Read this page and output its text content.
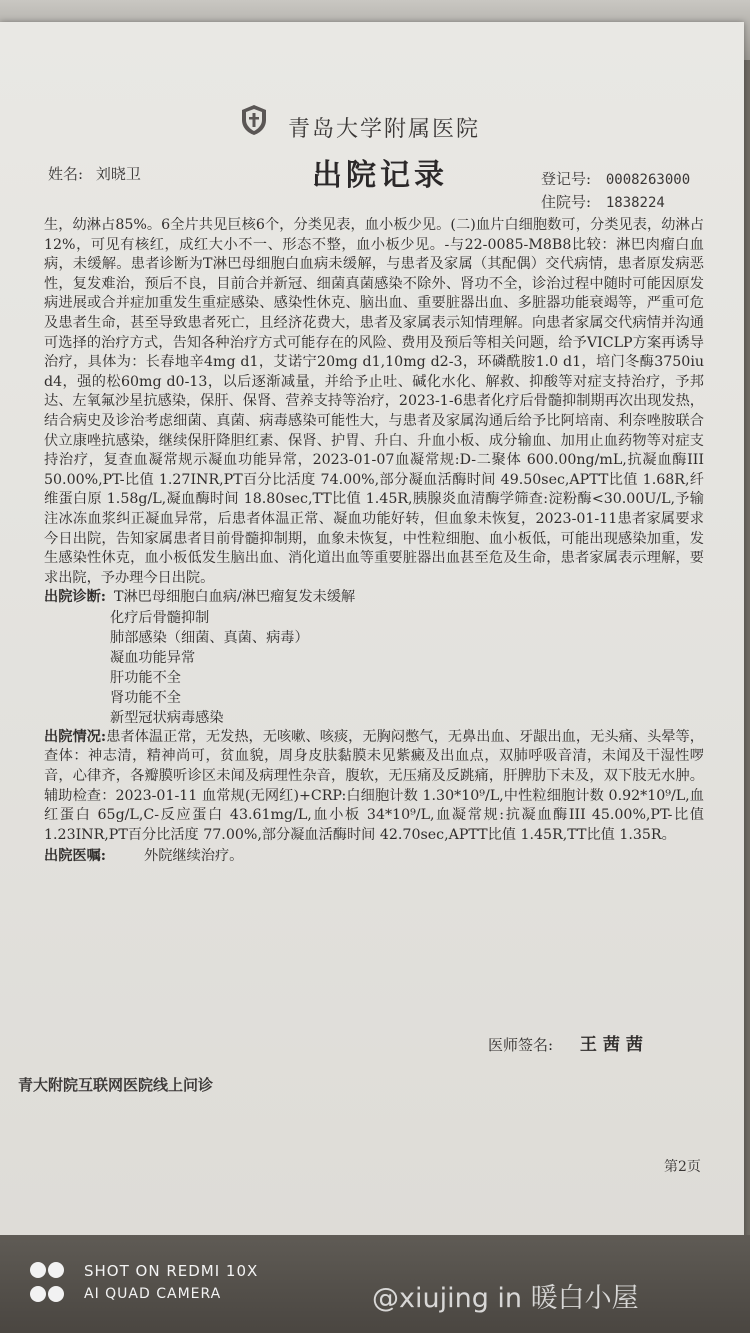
青岛大学附属医院
出院记录
姓名: 刘晓卫	登记号: 0008263000
住院号: 1838224

生，幼淋占85%。6全片共见巨核6个，分类见表，血小板少见。(二)血片白细胞数可，分类见表，幼淋占12%，可见有核红，成红大小不一、形态不整，血小板少见。-与22-0085-M8B8比较：淋巴肉瘤白血病，未缓解。患者诊断为T淋巴母细胞白血病未缓解，与患者及家属（其配偶）交代病情，患者原发病恶性，复发难治，预后不良，目前合并新冠、细菌真菌感染不除外、肾功不全，诊治过程中随时可能因原发病进展或合并症加重发生重症感染、感染性休克、脑出血、重要脏器出血、多脏器功能衰竭等，严重可危及患者生命，甚至导致患者死亡，且经济花费大，患者及家属表示知情理解。向患者家属交代病情并沟通可选择的治疗方式，告知各种治疗方式可能存在的风险、费用及预后等相关问题，给予VICLP方案再诱导治疗，具体为：长春地辛4mg d1，艾诺宁20mg d1,10mg d2-3，环磷酰胺1.0 d1，培门冬酶3750iu d4，强的松60mg d0-13，以后逐渐减量，并给予止吐、碱化水化、解救、抑酸等对症支持治疗，予邦达、左氧氟沙星抗感染，保肝、保肾、营养支持等治疗，2023-1-6患者化疗后骨髓抑制期再次出现发热，结合病史及诊治考虑细菌、真菌、病毒感染可能性大，与患者及家属沟通后给予比阿培南、利奈唑胺联合伏立康唑抗感染，继续保肝降胆红素、保肾、护胃、升白、升血小板、成分输血、加用止血药物等对症支持治疗，复查血凝常规示凝血功能异常，2023-01-07血凝常规:D-二聚体 600.00ng/mL,抗凝血酶III 50.00%,PT-比值 1.27INR,PT百分比活度 74.00%,部分凝血活酶时间 49.50sec,APTT比值 1.68R,纤维蛋白原 1.58g/L,凝血酶时间 18.80sec,TT比值 1.45R,胰腺炎血清酶学筛查:淀粉酶<30.00U/L,予输注冰冻血浆纠正凝血异常，后患者体温正常、凝血功能好转，但血象未恢复，2023-01-11患者家属要求今日出院，告知家属患者目前骨髓抑制期，血象未恢复，中性粒细胞、血小板低，可能出现感染加重，发生感染性休克，血小板低发生脑出血、消化道出血等重要脏器出血甚至危及生命，患者家属表示理解，要求出院，予办理今日出院。

出院诊断: T淋巴母细胞白血病/淋巴瘤复发未缓解
化疗后骨髓抑制
肺部感染（细菌、真菌、病毒）
凝血功能异常
肝功能不全
肾功能不全
新型冠状病毒感染

出院情况:患者体温正常，无发热，无咳嗽、咳痰，无胸闷憋气，无鼻出血、牙龈出血，无头痛、头晕等，查体：神志清，精神尚可，贫血貌，周身皮肤黏膜未见紫癜及出血点，双肺呼吸音清，未闻及干湿性啰音，心律齐，各瓣膜听诊区未闻及病理性杂音，腹软，无压痛及反跳痛，肝脾肋下未及，双下肢无水肿。辅助检查：2023-01-11 血常规(无网红)+CRP:白细胞计数 1.30*10⁹/L,中性粒细胞计数 0.92*10⁹/L,血红蛋白 65g/L,C-反应蛋白 43.61mg/L,血小板 34*10⁹/L,血凝常规:抗凝血酶III 45.00%,PT-比值 1.23INR,PT百分比活度 77.00%,部分凝血活酶时间 42.70sec,APTT比值 1.45R,TT比值 1.35R。

出院医嘱:	外院继续治疗。
医师签名: 王茜茜
青大附院互联网医院线上问诊
第2页

SHOT ON REDMI 10X
AI QUAD CAMERA	@xiujing in 暖白小屋
